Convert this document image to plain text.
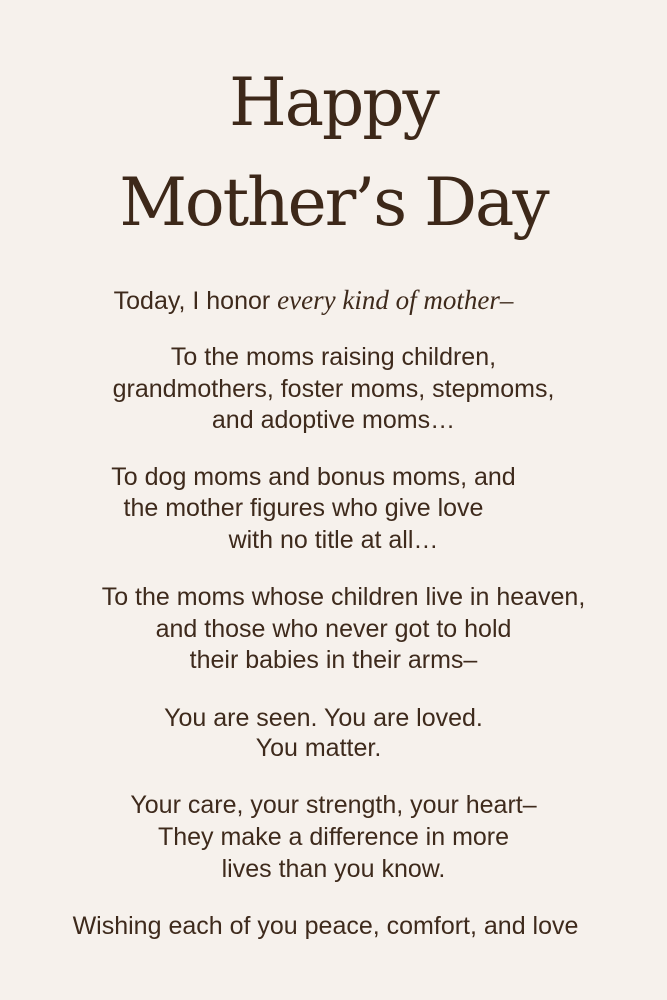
Happy
Mother’s Day

Today, I honor every kind of mother–

To the moms raising children,

grandmothers, foster moms, stepmoms,

and adoptive moms…

To dog moms and bonus moms, and

the mother figures who give love

with no title at all…

To the moms whose children live in heaven,

and those who never got to hold

their babies in their arms–

You are seen. You are loved.

You matter.

Your care, your strength, your heart–

They make a difference in more

lives than you know.

Wishing each of you peace, comfort, and love
